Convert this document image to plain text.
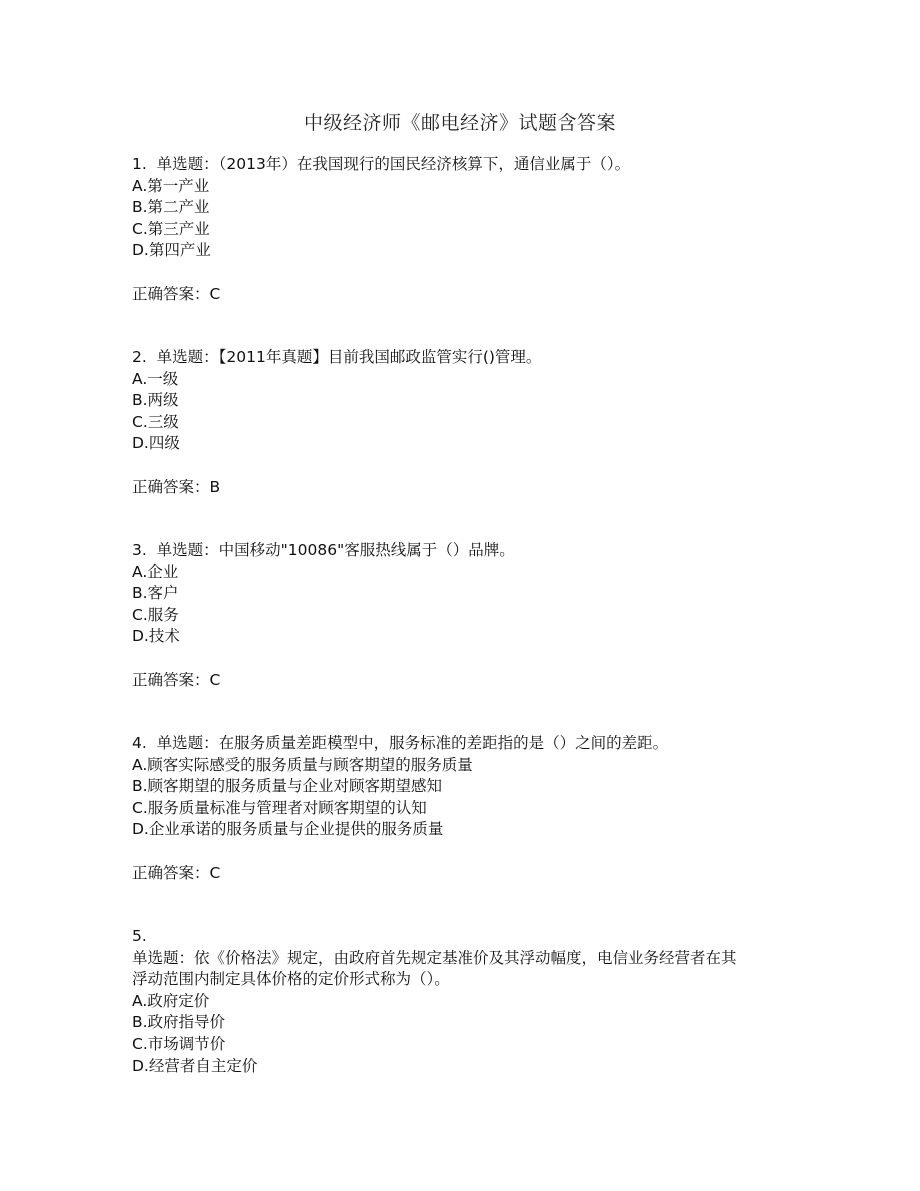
中级经济师《邮电经济》试题含答案
1.  单选题：（2013年）在我国现行的国民经济核算下，通信业属于（）。
A.第一产业
B.第二产业
C.第三产业
D.第四产业
正确答案：C
2.  单选题：【2011年真题】目前我国邮政监管实行()管理。
A.一级
B.两级
C.三级
D.四级
正确答案：B
3.  单选题：中国移动"10086"客服热线属于（）品牌。
A.企业
B.客户
C.服务
D.技术
正确答案：C
4.  单选题：在服务质量差距模型中，服务标准的差距指的是（）之间的差距。
A.顾客实际感受的服务质量与顾客期望的服务质量
B.顾客期望的服务质量与企业对顾客期望感知
C.服务质量标准与管理者对顾客期望的认知
D.企业承诺的服务质量与企业提供的服务质量
正确答案：C
5.
单选题：依《价格法》规定，由政府首先规定基准价及其浮动幅度，电信业务经营者在其
浮动范围内制定具体价格的定价形式称为（）。
A.政府定价
B.政府指导价
C.市场调节价
D.经营者自主定价
